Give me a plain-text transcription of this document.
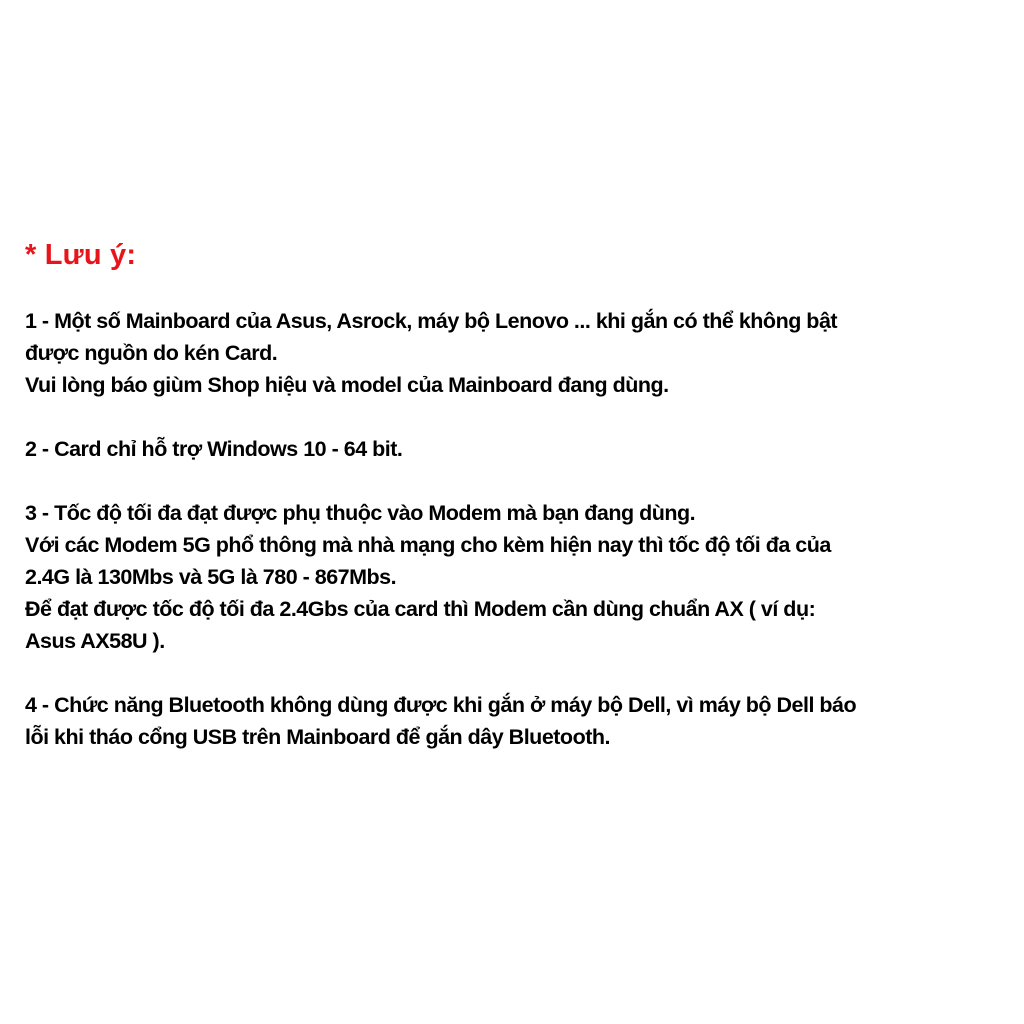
* Lưu ý:

1 - Một số Mainboard của Asus, Asrock, máy bộ Lenovo ... khi gắn có thể không bật
được nguồn do kén Card.
Vui lòng báo giùm Shop hiệu và model của Mainboard đang dùng.

2 - Card chỉ hỗ trợ Windows 10 - 64 bit.

3 - Tốc độ tối đa đạt được phụ thuộc vào Modem mà bạn đang dùng.
Với các Modem 5G phổ thông mà nhà mạng cho kèm hiện nay thì tốc độ tối đa của
2.4G là 130Mbs và 5G là 780 - 867Mbs.
Để đạt được tốc độ tối đa 2.4Gbs của card thì Modem cần dùng chuẩn AX ( ví dụ:
Asus AX58U ).

4 - Chức năng Bluetooth không dùng được khi gắn ở máy bộ Dell, vì máy bộ Dell báo
lỗi khi tháo cổng USB trên Mainboard để gắn dây Bluetooth.
